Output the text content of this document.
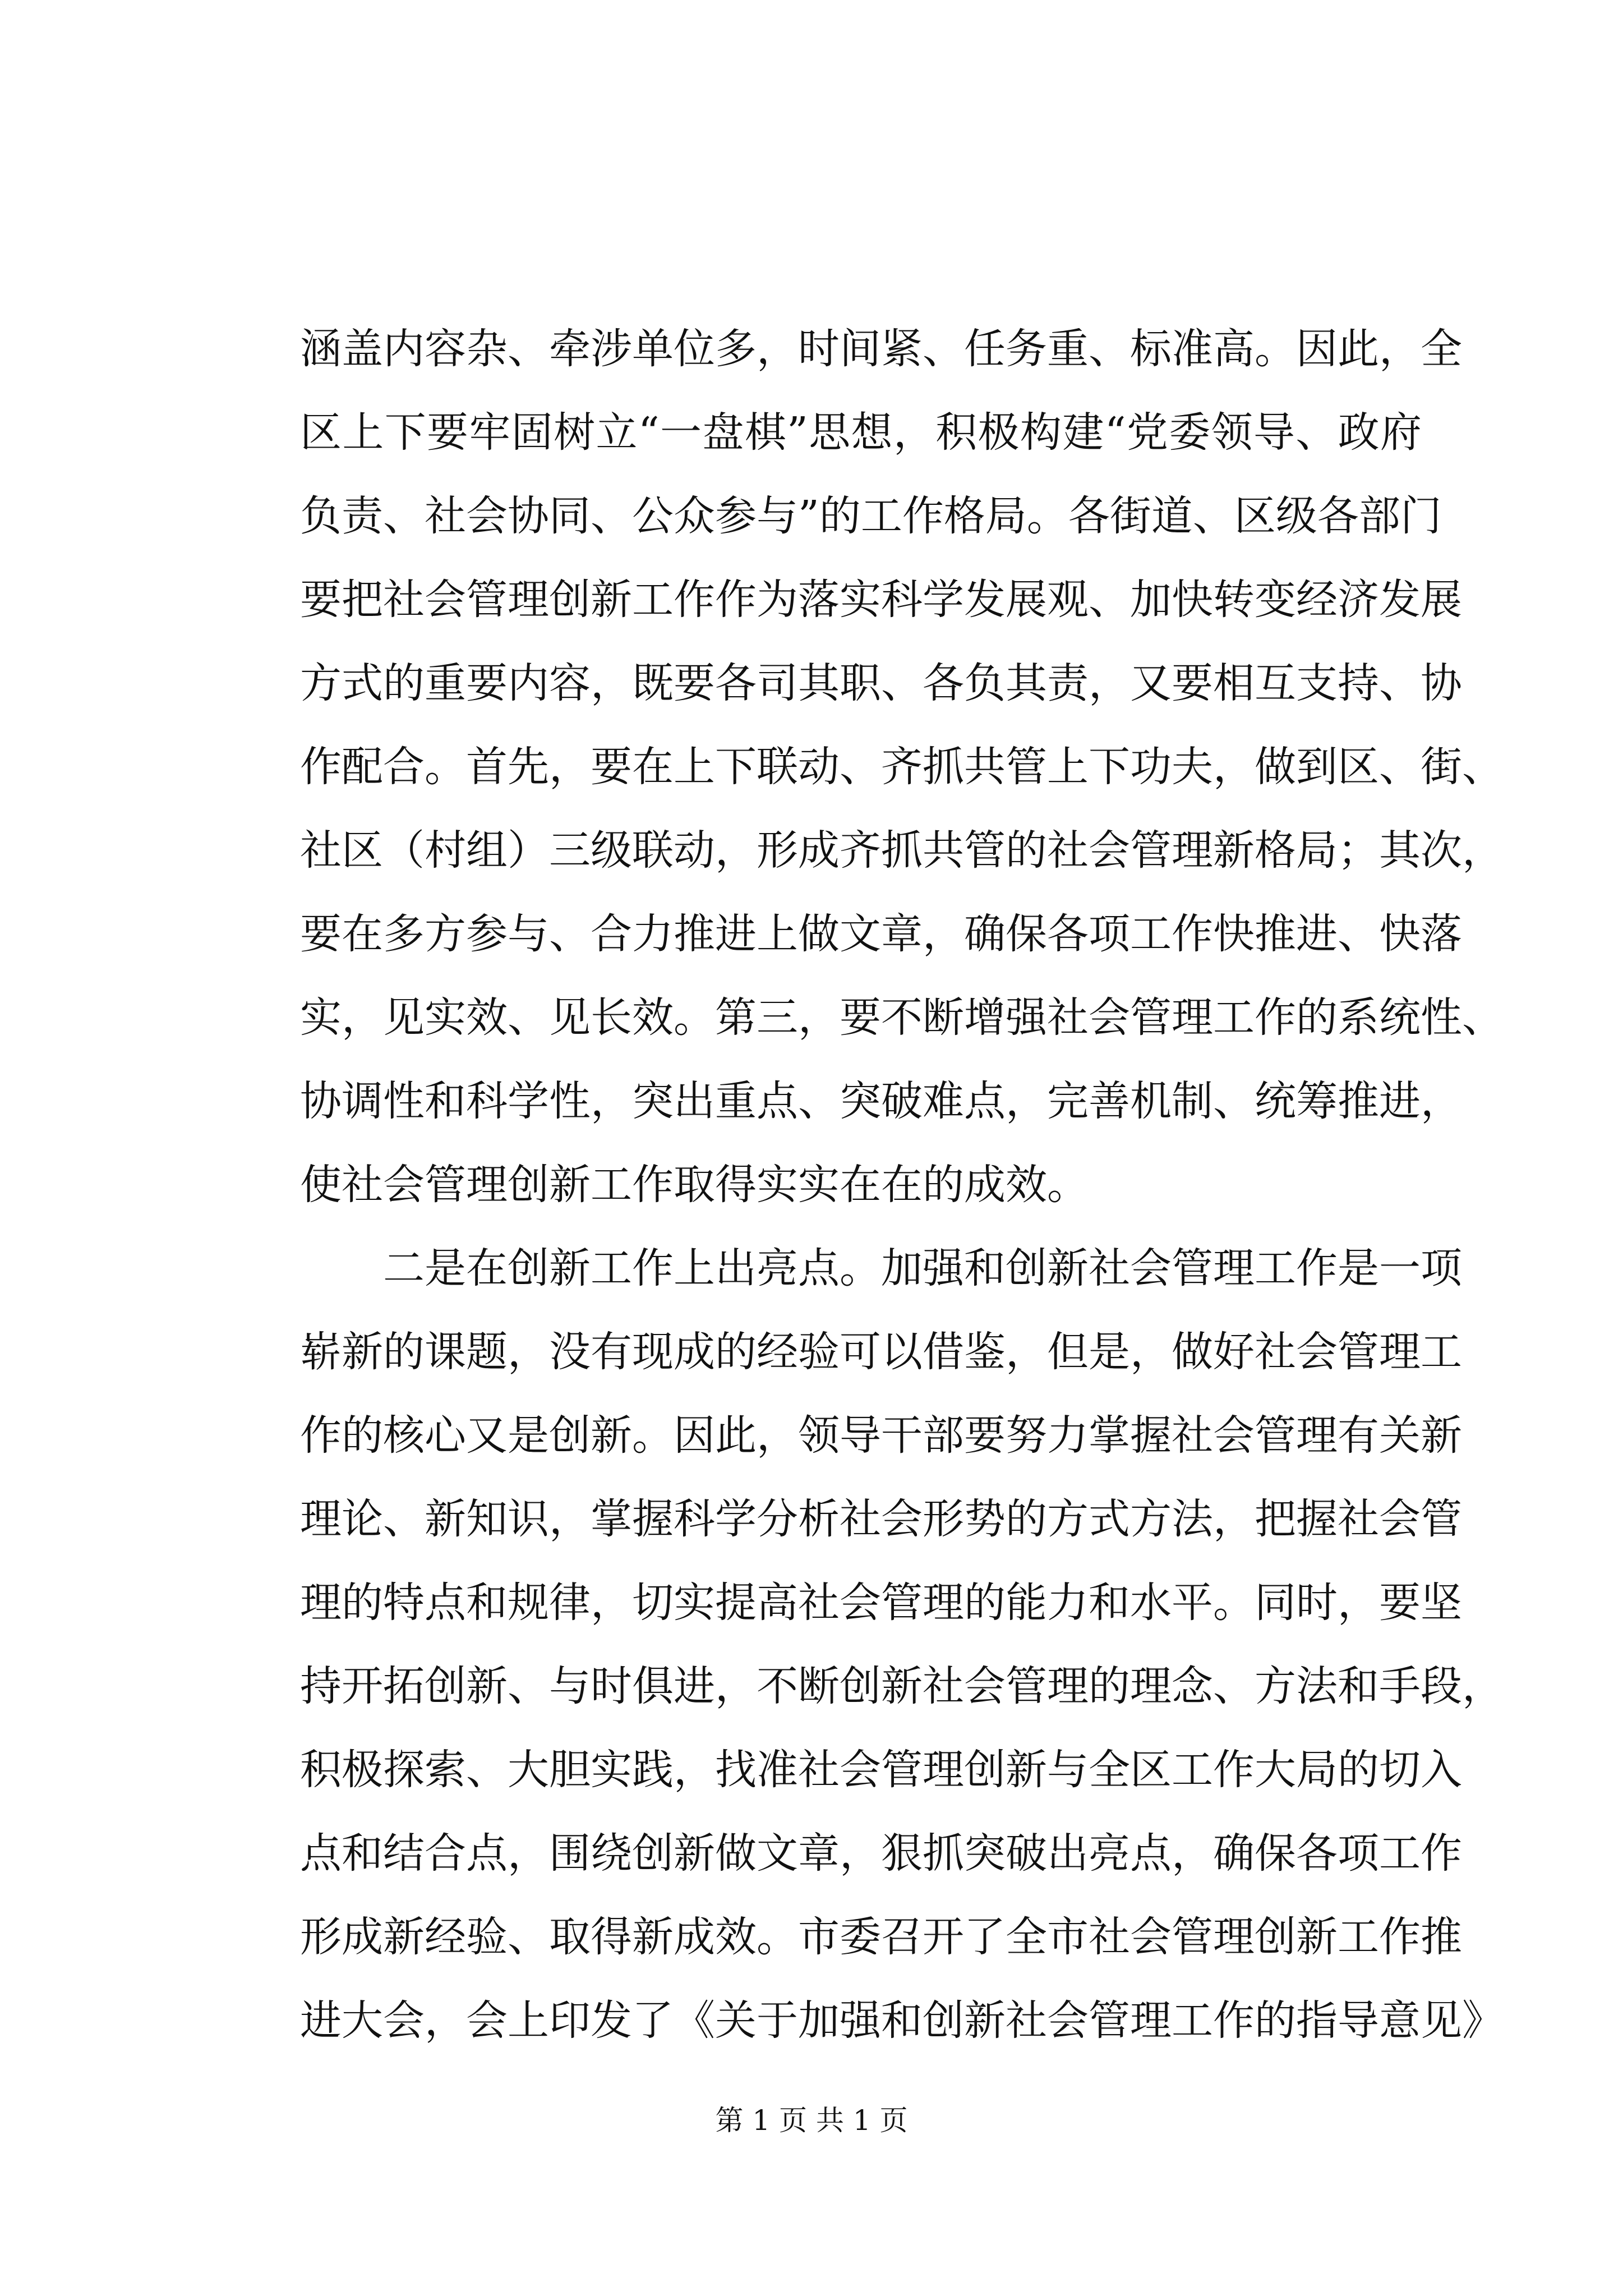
涵盖内容杂、牵涉单位多，时间紧、任务重、标准高。因此，全
区上下要牢固树立“一盘棋”思想，积极构建“党委领导、政府
负责、社会协同、公众参与”的工作格局。各街道、区级各部门
要把社会管理创新工作作为落实科学发展观、加快转变经济发展
方式的重要内容，既要各司其职、各负其责，又要相互支持、协
作配合。首先，要在上下联动、齐抓共管上下功夫，做到区、街、
社区（村组）三级联动，形成齐抓共管的社会管理新格局；其次，
要在多方参与、合力推进上做文章，确保各项工作快推进、快落
实，见实效、见长效。第三，要不断增强社会管理工作的系统性、
协调性和科学性，突出重点、突破难点，完善机制、统筹推进，
使社会管理创新工作取得实实在在的成效。
二是在创新工作上出亮点。加强和创新社会管理工作是一项
崭新的课题，没有现成的经验可以借鉴，但是，做好社会管理工
作的核心又是创新。因此，领导干部要努力掌握社会管理有关新
理论、新知识，掌握科学分析社会形势的方式方法，把握社会管
理的特点和规律，切实提高社会管理的能力和水平。同时，要坚
持开拓创新、与时俱进，不断创新社会管理的理念、方法和手段，
积极探索、大胆实践，找准社会管理创新与全区工作大局的切入
点和结合点，围绕创新做文章，狠抓突破出亮点，确保各项工作
形成新经验、取得新成效。市委召开了全市社会管理创新工作推
进大会，会上印发了《关于加强和创新社会管理工作的指导意见》
第 1 页 共 1 页
